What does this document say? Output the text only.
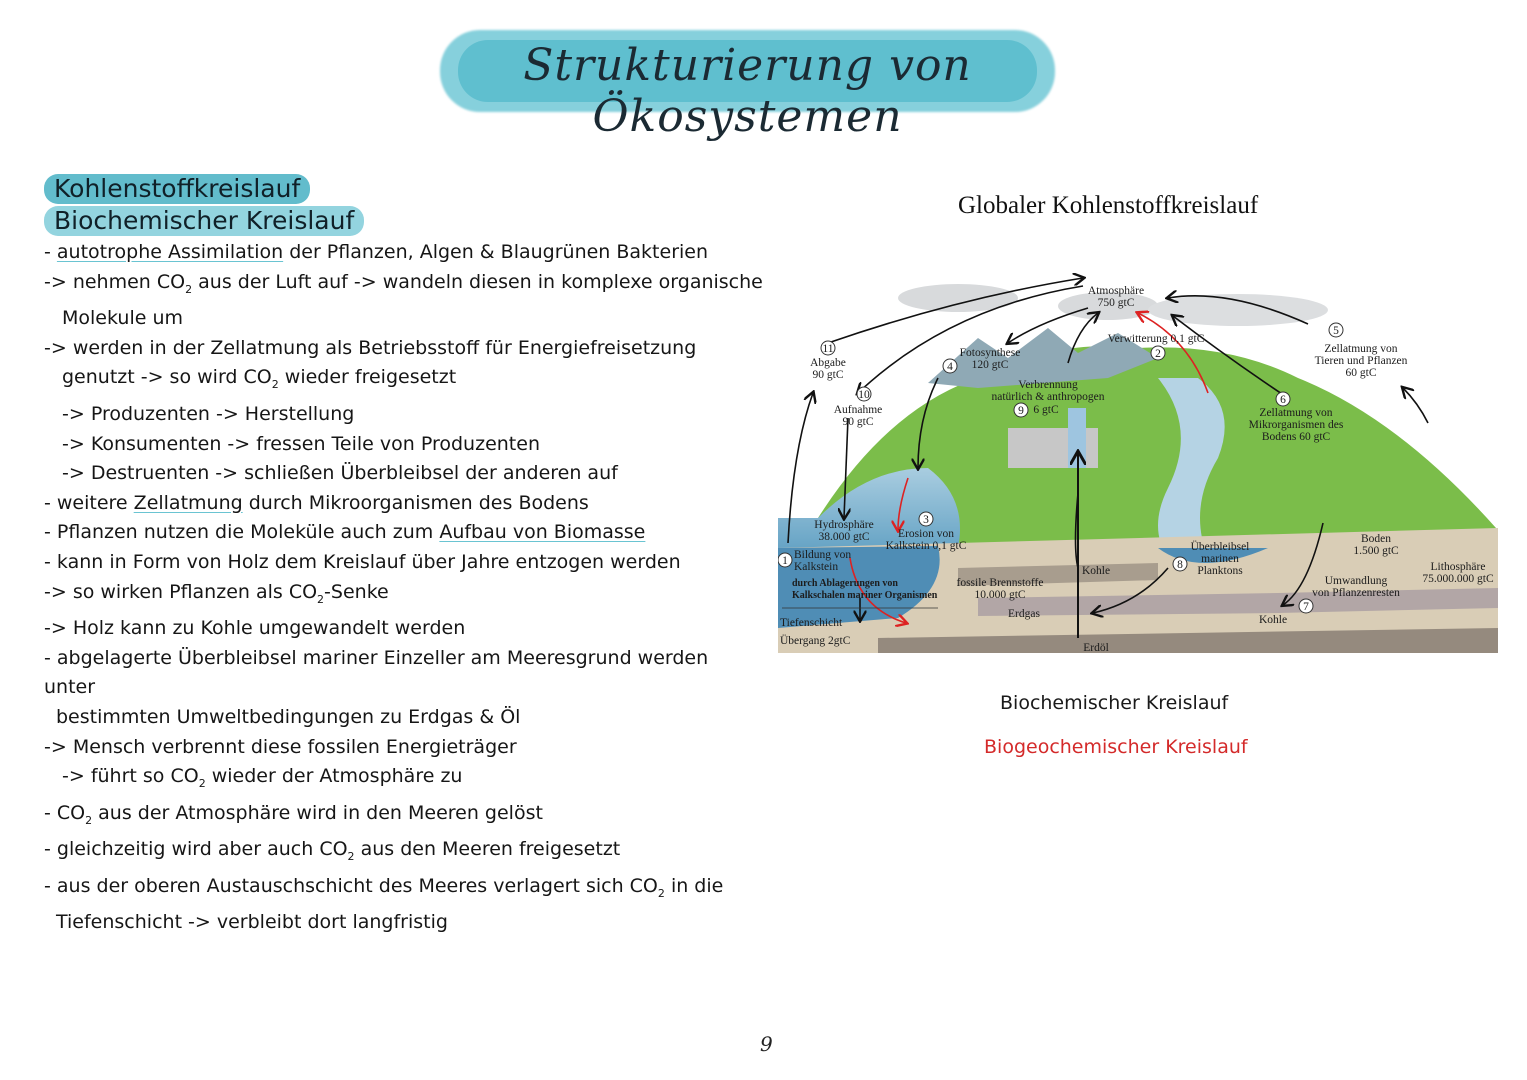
Strukturierung von Ökosystemen
Kohlenstoffkreislauf
Biochemischer Kreislauf
- autotrophe Assimilation der Pflanzen, Algen & Blaugrünen Bakterien
-> nehmen $CO_2$ aus der Luft auf -> wandeln diesen in komplexe organische
Molekule um
-> werden in der Zellatmung als Betriebsstoff für Energiefreisetzung
genutzt -> so wird $CO_2$ wieder freigesetzt
-> Produzenten -> Herstellung
-> Konsumenten -> fressen Teile von Produzenten
-> Destruenten -> schließen Überbleibsel der anderen auf
- weitere Zellatmung durch Mikroorganismen des Bodens
- Pflanzen nutzen die Moleküle auch zum Aufbau von Biomasse
- kann in Form von Holz dem Kreislauf über Jahre entzogen werden
-> so wirken Pflanzen als $CO_2$-Senke
-> Holz kann zu Kohle umgewandelt werden
- abgelagerte Überbleibsel mariner Einzeller am Meeresgrund werden
unter
bestimmten Umweltbedingungen zu Erdgas & Öl
-> Mensch verbrennt diese fossilen Energieträger
-> führt so $CO_2$ wieder der Atmosphäre zu
- $CO_2$ aus der Atmosphäre wird in den Meeren gelöst
- gleichzeitig wird aber auch $CO_2$ aus den Meeren freigesetzt
- aus der oberen Austauschschicht des Meeres verlagert sich $CO_2$ in die
Tiefenschicht -> verbleibt dort langfristig
Globaler Kohlenstoffkreislauf
Atmosphäre
750 gtC
11
Abgabe
90 gtC
10
Aufnahme
90 gtC
4
Fotosynthese
120 gtC
Verwitterung 0,1 gtC
2
Verbrennung
natürlich & anthropogen
9 6 gtC
5
Zellatmung von
Tieren und Pflanzen
60 gtC
6
Zellatmung von
Mikrorganismen des
Bodens 60 gtC
Hydrosphäre
38.000 gtC
3
Erosion von
Kalkstein 0,1 gtC
1 Bildung von
Kalkstein
durch Ablagerungen von
Kalkschalen mariner Organismen
Tiefenschicht
Übergang 2gtC
fossile Brennstoffe
10.000 gtC
Erdgas
Erdöl
Kohle
Kohle
8
Überbleibsel
marinen
Planktons
Boden
1.500 gtC
Lithosphäre
75.000.000 gtC
Umwandlung
von Pflanzenresten
7
Biochemischer Kreislauf
Biogeochemischer Kreislauf
9
